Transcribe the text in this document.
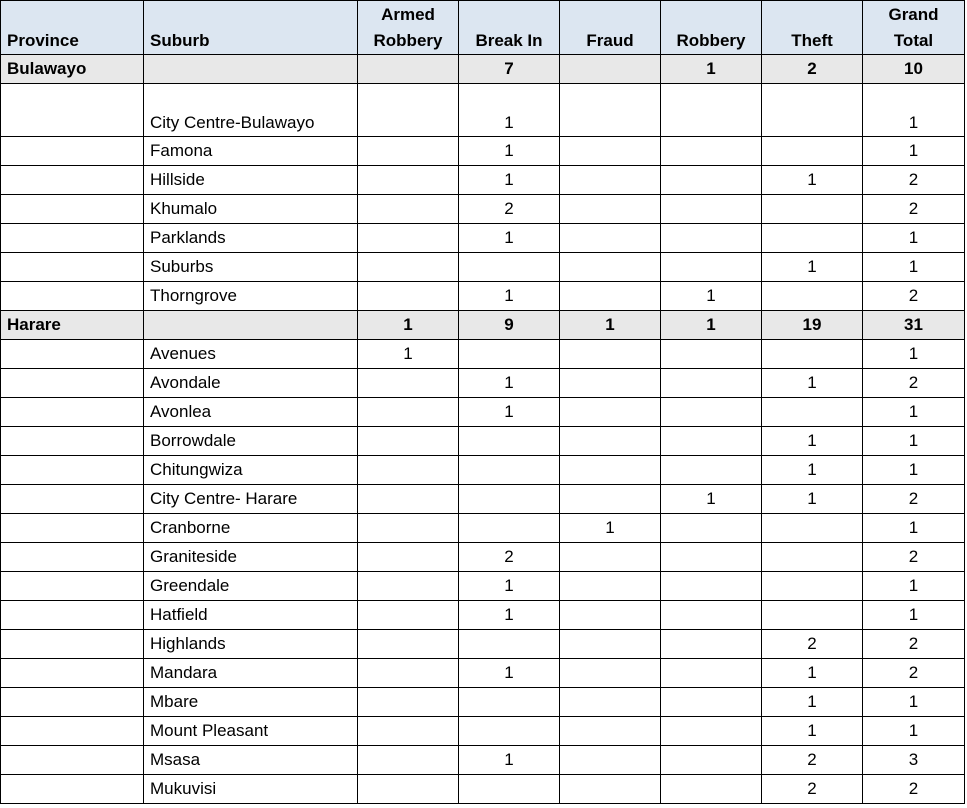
Province	Suburb	Armed Robbery	Break In	Fraud	Robbery	Theft	Grand Total
Bulawayo			7		1	2	10
	City Centre-Bulawayo		1				1
	Famona		1				1
	Hillside		1			1	2
	Khumalo		2				2
	Parklands		1				1
	Suburbs					1	1
	Thorngrove		1		1		2
Harare		1	9	1	1	19	31
	Avenues	1					1
	Avondale		1			1	2
	Avonlea		1				1
	Borrowdale					1	1
	Chitungwiza					1	1
	City Centre- Harare				1	1	2
	Cranborne			1			1
	Graniteside		2				2
	Greendale		1				1
	Hatfield		1				1
	Highlands					2	2
	Mandara		1			1	2
	Mbare					1	1
	Mount Pleasant					1	1
	Msasa		1			2	3
	Mukuvisi					2	2
